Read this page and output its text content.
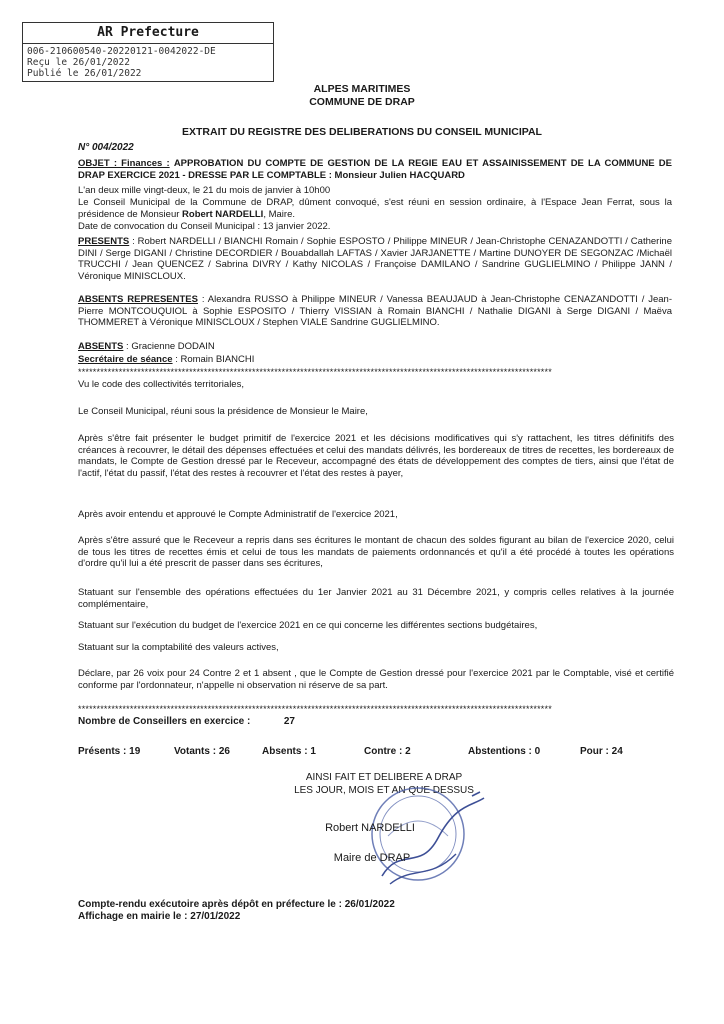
AR Prefecture
006-210600540-20220121-0042022-DE
Reçu le 26/01/2022
Publié le 26/01/2022
ALPES MARITIMES
COMMUNE DE DRAP
EXTRAIT DU REGISTRE DES DELIBERATIONS DU CONSEIL MUNICIPAL
N° 004/2022
OBJET : Finances : APPROBATION DU COMPTE DE GESTION DE LA REGIE EAU ET ASSAINISSEMENT DE LA COMMUNE DE DRAP EXERCICE 2021 - DRESSE PAR LE COMPTABLE : Monsieur Julien HACQUARD
L'an deux mille vingt-deux, le 21 du mois de janvier à 10h00
Le Conseil Municipal de la Commune de DRAP, dûment convoqué, s'est réuni en session ordinaire, à l'Espace Jean Ferrat, sous la présidence de Monsieur Robert NARDELLI, Maire.
Date de convocation du Conseil Municipal : 13 janvier 2022.
PRESENTS : Robert NARDELLI / BIANCHI Romain / Sophie ESPOSTO / Philippe MINEUR / Jean-Christophe CENAZANDOTTI / Catherine DINI / Serge DIGANI / Christine DECORDIER / Bouabdallah LAFTAS / Xavier JARJANETTE / Martine DUNOYER DE SEGONZAC /Michaël TRUCCHI / Jean QUENCEZ / Sabrina DIVRY / Kathy NICOLAS / Françoise DAMILANO / Sandrine GUGLIELMINO / Philippe JANN / Véronique MINISCLOUX.
ABSENTS REPRESENTES : Alexandra RUSSO à Philippe MINEUR / Vanessa BEAUJAUD à Jean-Christophe CENAZANDOTTI / Jean-Pierre MONTCOUQUIOL à Sophie ESPOSITO / Thierry VISSIAN à Romain BIANCHI / Nathalie DIGANI à Serge DIGANI / Maëva THOMMERET à Véronique MINISCLOUX / Stephen VIALE Sandrine GUGLIELMINO.
ABSENTS : Gracienne DODAIN
Secrétaire de séance : Romain BIANCHI
********************************************************************************************************************************
Vu le code des collectivités territoriales,
Le Conseil Municipal, réuni sous la présidence de Monsieur le Maire,
Après s'être fait présenter le budget primitif de l'exercice 2021 et les décisions modificatives qui s'y rattachent, les titres définitifs des créances à recouvrer, le détail des dépenses effectuées et celui des mandats délivrés, les bordereaux de titres de recettes, les bordereaux de mandats, le Compte de Gestion dressé par le Receveur, accompagné des états de développement des comptes de tiers, ainsi que l'état de l'actif, l'état du passif, l'état des restes à recouvrer et l'état des restes à payer,
Après avoir entendu et approuvé le Compte Administratif de l'exercice 2021,
Après s'être assuré que le Receveur a repris dans ses écritures le montant de chacun des soldes figurant au bilan de l'exercice 2020, celui de tous les titres de recettes émis et celui de tous les mandats de paiements ordonnancés et qu'il a été procédé à toutes les opérations d'ordre qu'il lui a été prescrit de passer dans ses écritures,
Statuant sur l'ensemble des opérations effectuées du 1er Janvier 2021 au 31 Décembre 2021, y compris celles relatives à la journée complémentaire,
Statuant sur l'exécution du budget de l'exercice 2021 en ce qui concerne les différentes sections budgétaires,
Statuant sur la comptabilité des valeurs actives,
Déclare, par 26 voix pour 24 Contre 2 et 1 absent , que le Compte de Gestion dressé pour l'exercice 2021 par le Comptable, visé et certifié conforme par l'ordonnateur, n'appelle ni observation ni réserve de sa part.
********************************************************************************************************************************
Nombre de Conseillers en exercice :	27
Présents : 19	Votants : 26	Absents : 1	Contre : 2	Abstentions : 0	Pour : 24
AINSI FAIT ET DELIBERE A DRAP
LES JOUR, MOIS ET AN QUE DESSUS
Robert NARDELLI
Maire de DRAP
Compte-rendu exécutoire après dépôt en préfecture le : 26/01/2022
Affichage en mairie le : 27/01/2022
